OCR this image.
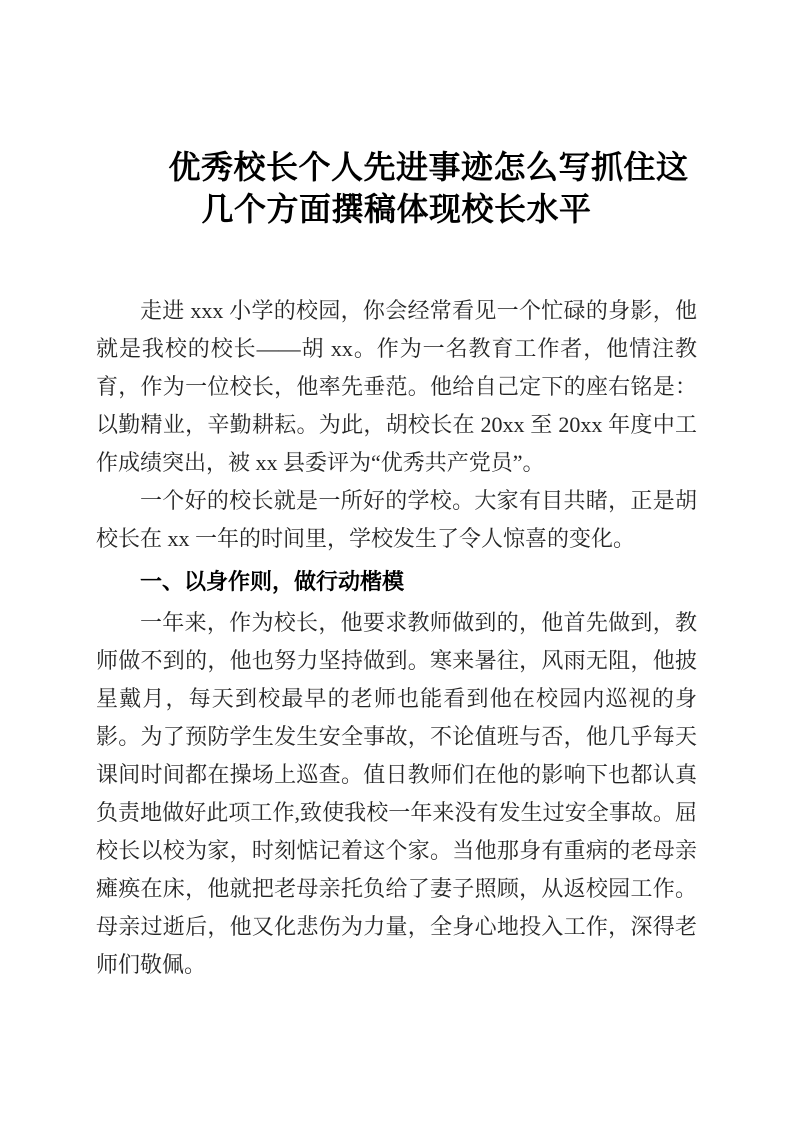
优秀校长个人先进事迹怎么写抓住这几个方面撰稿体现校长水平

走进 xxx 小学的校园，你会经常看见一个忙碌的身影，他就是我校的校长——胡 xx。作为一名教育工作者，他情注教育，作为一位校长，他率先垂范。他给自己定下的座右铭是：以勤精业，辛勤耕耘。为此，胡校长在 20xx 至 20xx 年度中工作成绩突出，被 xx 县委评为“优秀共产党员”。

一个好的校长就是一所好的学校。大家有目共睹，正是胡校长在 xx 一年的时间里，学校发生了令人惊喜的变化。

一、以身作则，做行动楷模

一年来，作为校长，他要求教师做到的，他首先做到，教师做不到的，他也努力坚持做到。寒来暑往，风雨无阻，他披星戴月，每天到校最早的老师也能看到他在校园内巡视的身影。为了预防学生发生安全事故，不论值班与否，他几乎每天课间时间都在操场上巡查。值日教师们在他的影响下也都认真负责地做好此项工作,致使我校一年来没有发生过安全事故。屈校长以校为家，时刻惦记着这个家。当他那身有重病的老母亲瘫痪在床，他就把老母亲托负给了妻子照顾，从返校园工作。母亲过逝后，他又化悲伤为力量，全身心地投入工作，深得老师们敬佩。
